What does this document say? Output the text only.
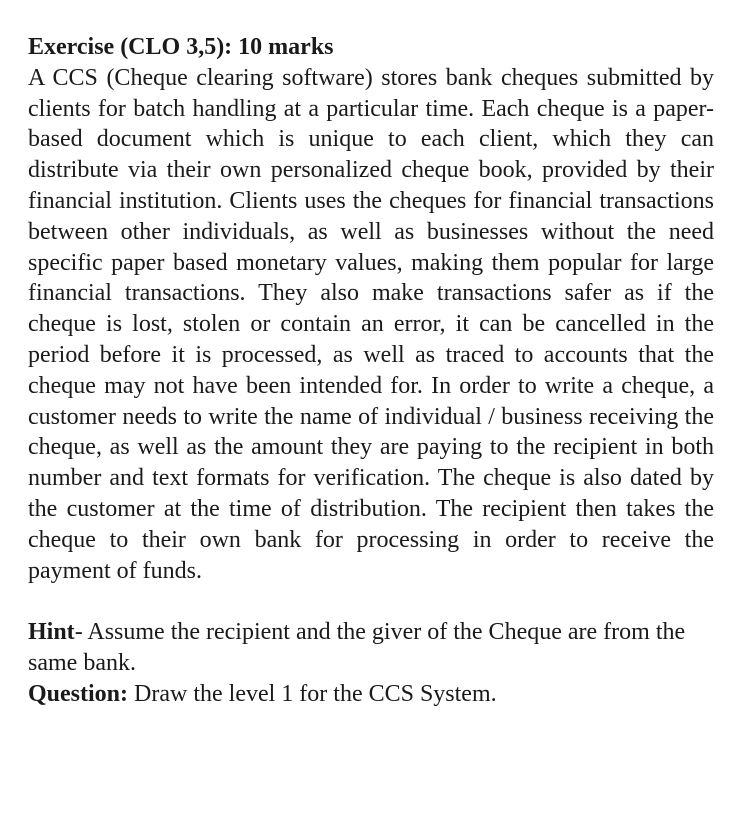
Exercise (CLO 3,5): 10 marks

A CCS (Cheque clearing software) stores bank cheques submitted by clients for batch handling at a particular time. Each cheque is a paper-based document which is unique to each client, which they can distribute via their own personalized cheque book, provided by their financial institution. Clients uses the cheques for financial transactions between other individuals, as well as businesses without the need specific paper based monetary values, making them popular for large financial transactions. They also make transactions safer as if the cheque is lost, stolen or contain an error, it can be cancelled in the period before it is processed, as well as traced to accounts that the cheque may not have been intended for. In order to write a cheque, a customer needs to write the name of individual / business receiving the cheque, as well as the amount they are paying to the recipient in both number and text formats for verification. The cheque is also dated by the customer at the time of distribution. The recipient then takes the cheque to their own bank for processing in order to receive the payment of funds.

Hint- Assume the recipient and the giver of the Cheque are from the same bank.

Question: Draw the level 1 for the CCS System.
